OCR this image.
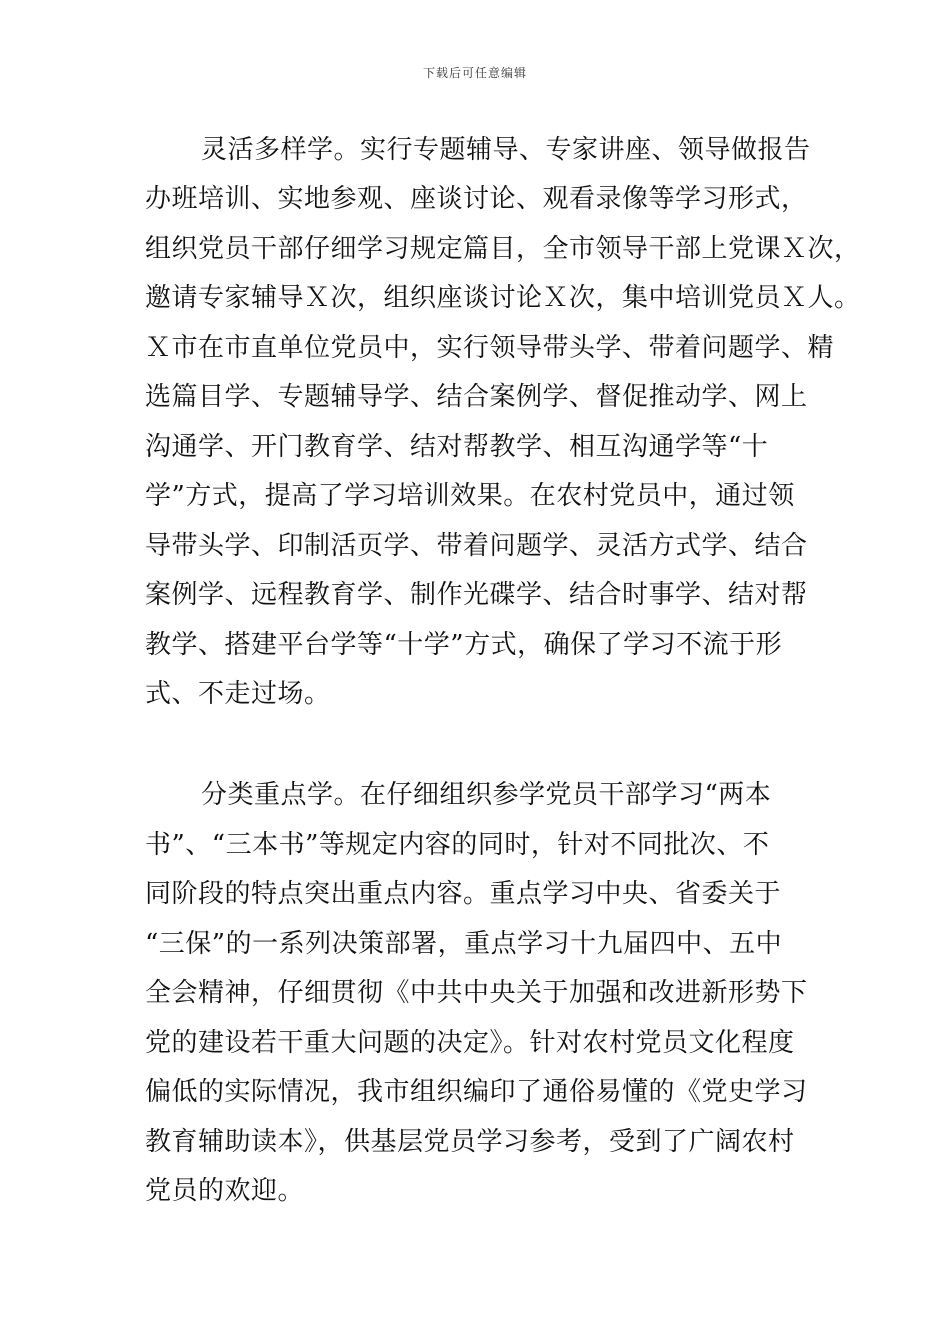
下载后可任意编辑
灵活多样学。实行专题辅导、专家讲座、领导做报告
办班培训、实地参观、座谈讨论、观看录像等学习形式，
组织党员干部仔细学习规定篇目，全市领导干部上党课Ｘ次，
邀请专家辅导Ｘ次，组织座谈讨论Ｘ次，集中培训党员Ｘ人。
Ｘ市在市直单位党员中，实行领导带头学、带着问题学、精
选篇目学、专题辅导学、结合案例学、督促推动学、网上
沟通学、开门教育学、结对帮教学、相互沟通学等“十
学”方式，提高了学习培训效果。在农村党员中，通过领
导带头学、印制活页学、带着问题学、灵活方式学、结合
案例学、远程教育学、制作光碟学、结合时事学、结对帮
教学、搭建平台学等“十学”方式，确保了学习不流于形
式、不走过场。
分类重点学。在仔细组织参学党员干部学习“两本
书”、“三本书”等规定内容的同时，针对不同批次、不
同阶段的特点突出重点内容。重点学习中央、省委关于
“三保”的一系列决策部署，重点学习十九届四中、五中
全会精神，仔细贯彻《中共中央关于加强和改进新形势下
党的建设若干重大问题的决定》。针对农村党员文化程度
偏低的实际情况，我市组织编印了通俗易懂的《党史学习
教育辅助读本》，供基层党员学习参考，受到了广阔农村
党员的欢迎。
